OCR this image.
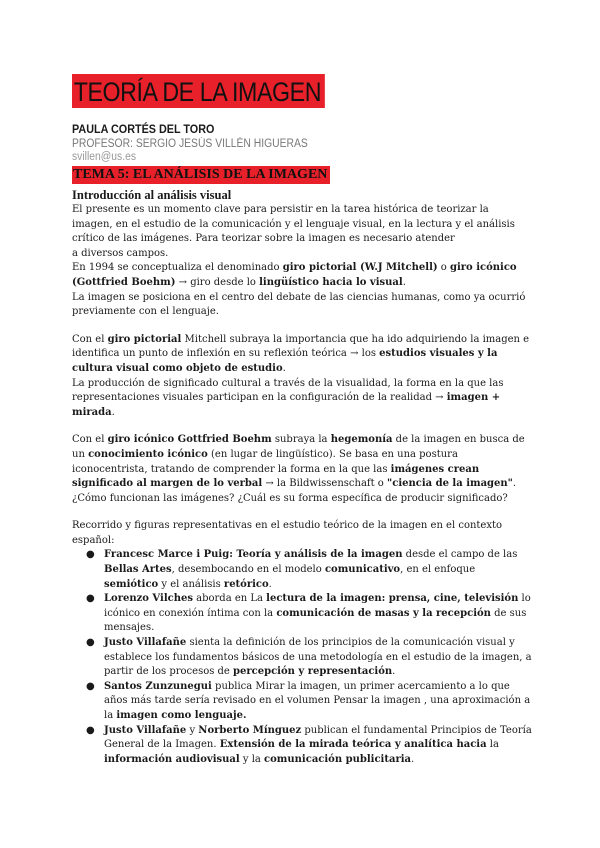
TEORÍA DE LA IMAGEN
PAULA CORTÉS DEL TORO
PROFESOR: SERGIO JESÚS VILLÉN HIGUERAS
svillen@us.es
TEMA 5: EL ANÁLISIS DE LA IMAGEN
Introducción al análisis visual

El presente es un momento clave para persistir en la tarea histórica de teorizar la imagen, en el estudio de la comunicación y el lenguaje visual, en la lectura y el análisis crítico de las imágenes. Para teorizar sobre la imagen es necesario atender
a diversos campos.

En 1994 se conceptualiza el denominado giro pictorial (W.J Mitchell) o giro icónico (Gottfried Boehm) → giro desde lo lingüístico hacia lo visual.

La imagen se posiciona en el centro del debate de las ciencias humanas, como ya ocurrió previamente con el lenguaje.

Con el giro pictorial Mitchell subraya la importancia que ha ido adquiriendo la imagen e identifica un punto de inflexión en su reflexión teórica → los estudios visuales y la cultura visual como objeto de estudio.

La producción de significado cultural a través de la visualidad, la forma en la que las representaciones visuales participan en la configuración de la realidad → imagen + mirada.

Con el giro icónico Gottfried Boehm subraya la hegemonía de la imagen en busca de un conocimiento icónico (en lugar de lingüístico). Se basa en una postura iconocentrista, tratando de comprender la forma en la que las imágenes crean significado al margen de lo verbal → la Bildwissenschaft o "ciencia de la imagen". ¿Cómo funcionan las imágenes? ¿Cuál es su forma específica de producir significado?

Recorrido y figuras representativas en el estudio teórico de la imagen en el contexto español:

● Francesc Marce i Puig: Teoría y análisis de la imagen desde el campo de las Bellas Artes, desembocando en el modelo comunicativo, en el enfoque semiótico y el análisis retórico.
● Lorenzo Vilches aborda en La lectura de la imagen: prensa, cine, televisión lo icónico en conexión íntima con la comunicación de masas y la recepción de sus mensajes.
● Justo Villafañe sienta la definición de los principios de la comunicación visual y establece los fundamentos básicos de una metodología en el estudio de la imagen, a partir de los procesos de percepción y representación.
● Santos Zunzunegui publica Mirar la imagen, un primer acercamiento a lo que años más tarde sería revisado en el volumen Pensar la imagen , una aproximación a la imagen como lenguaje.
● Justo Villafañe y Norberto Mínguez publican el fundamental Principios de Teoría General de la Imagen. Extensión de la mirada teórica y analítica hacia la información audiovisual y la comunicación publicitaria.
